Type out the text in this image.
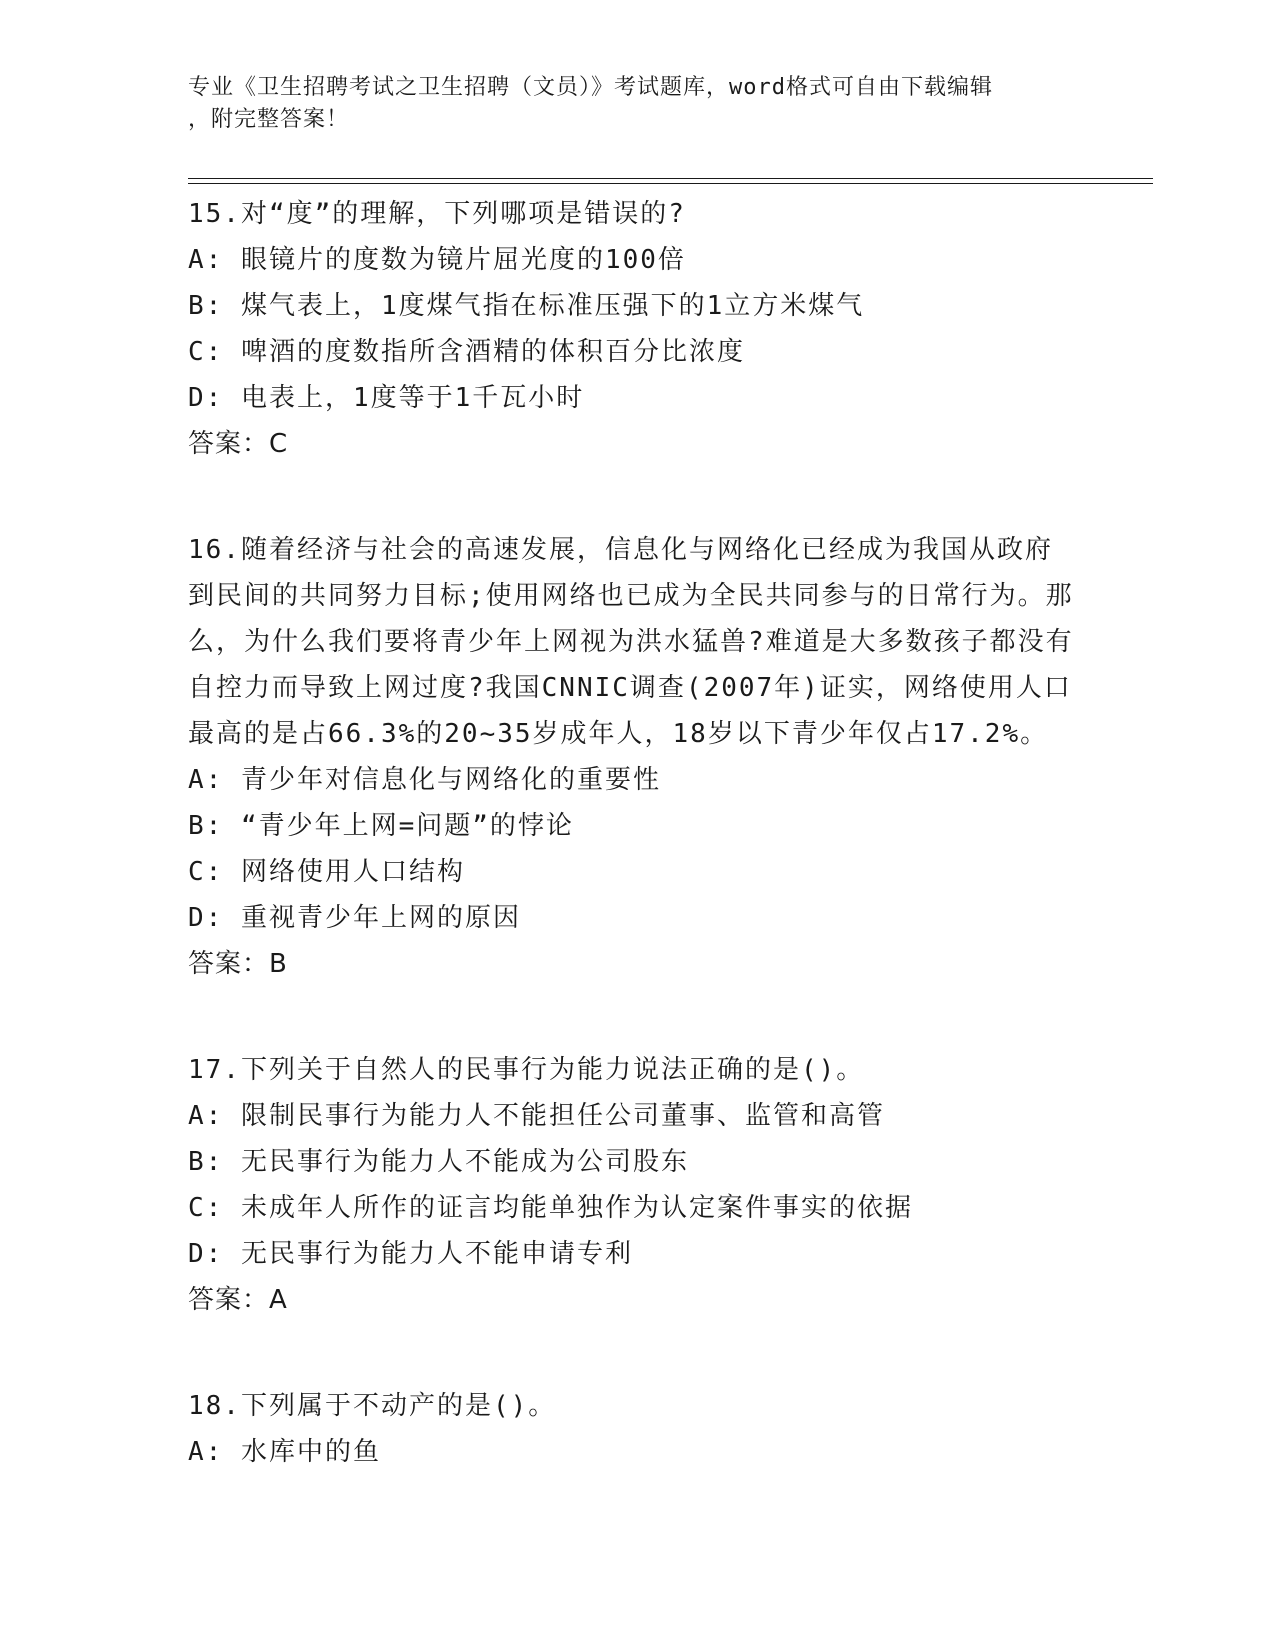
专业《卫生招聘考试之卫生招聘（文员）》考试题库，word格式可自由下载编辑
，附完整答案！
15.对“度”的理解，下列哪项是错误的?
A: 眼镜片的度数为镜片屈光度的100倍
B: 煤气表上，1度煤气指在标准压强下的1立方米煤气
C: 啤酒的度数指所含酒精的体积百分比浓度
D: 电表上，1度等于1千瓦小时
答案：C
16.随着经济与社会的高速发展，信息化与网络化已经成为我国从政府到民间的共同努力目标;使用网络也已成为全民共同参与的日常行为。那么，为什么我们要将青少年上网视为洪水猛兽?难道是大多数孩子都没有自控力而导致上网过度?我国CNNIC调查(2007年)证实，网络使用人口最高的是占66.3%的20~35岁成年人，18岁以下青少年仅占17.2%。
A: 青少年对信息化与网络化的重要性
B: “青少年上网=问题”的悖论
C: 网络使用人口结构
D: 重视青少年上网的原因
答案：B
17.下列关于自然人的民事行为能力说法正确的是()。
A: 限制民事行为能力人不能担任公司董事、监管和高管
B: 无民事行为能力人不能成为公司股东
C: 未成年人所作的证言均能单独作为认定案件事实的依据
D: 无民事行为能力人不能申请专利
答案：A
18.下列属于不动产的是()。
A: 水库中的鱼
